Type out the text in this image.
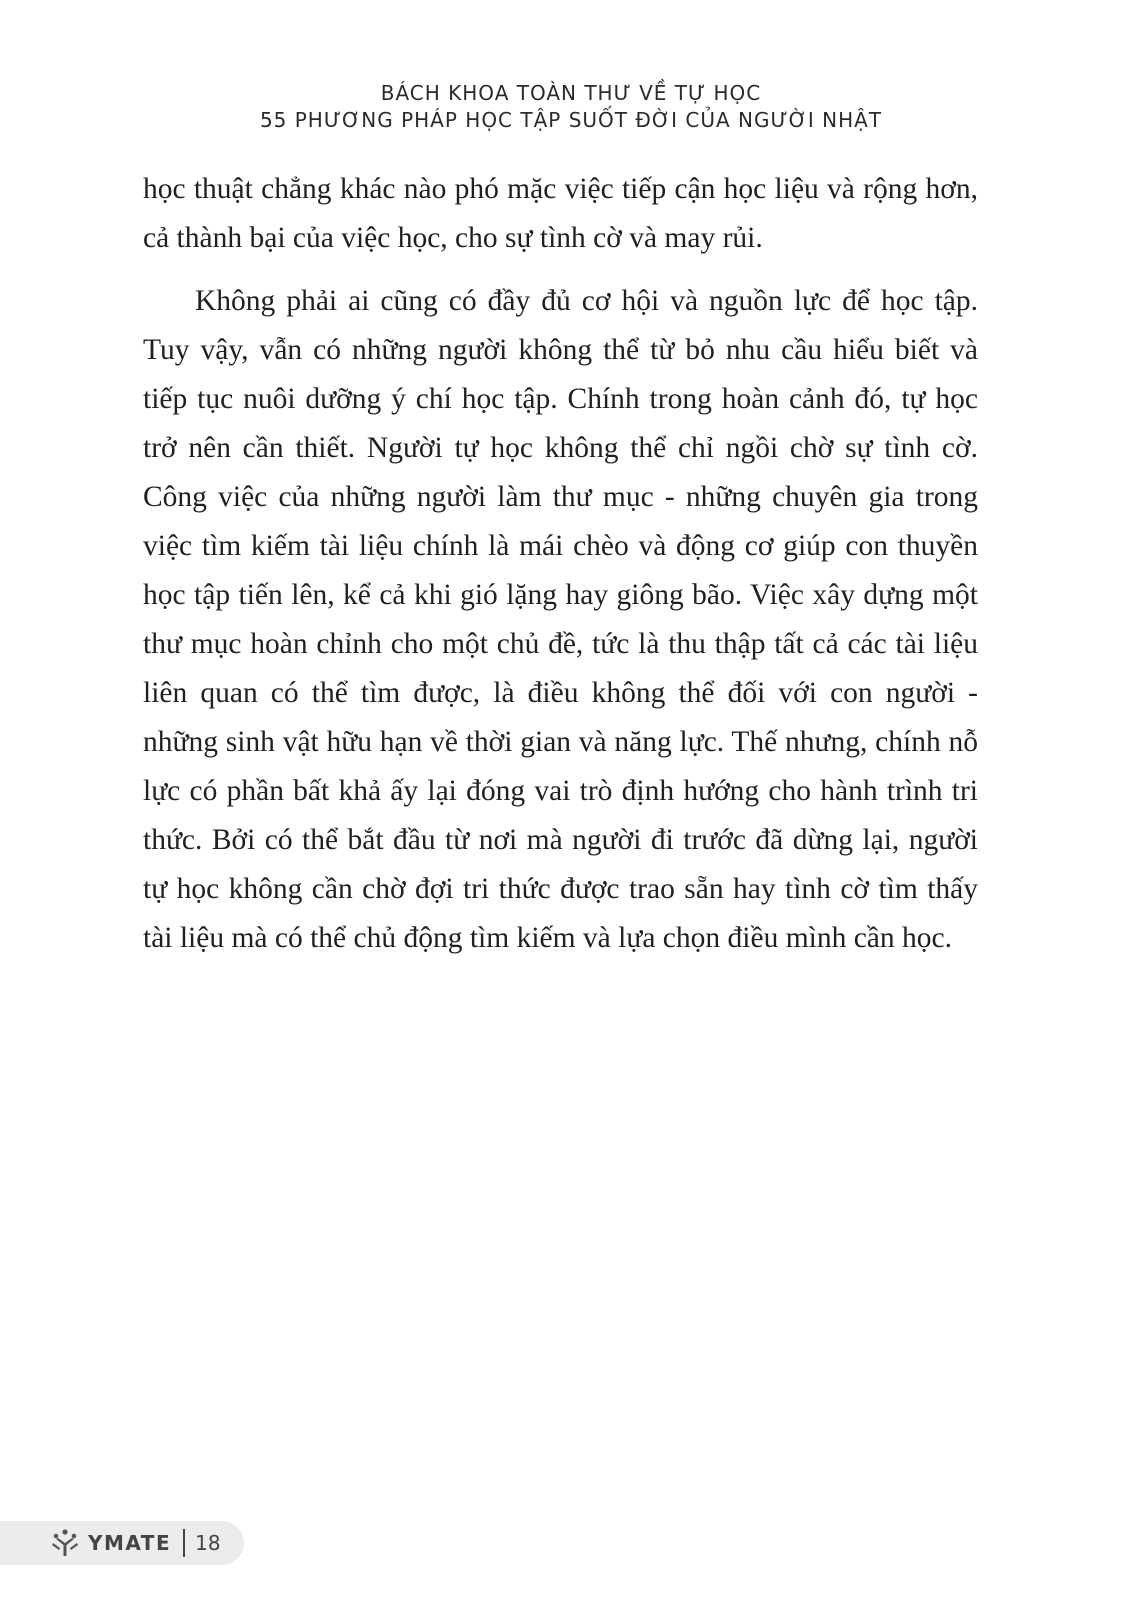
BÁCH KHOA TOÀN THƯ VỀ TỰ HỌC
55 PHƯƠNG PHÁP HỌC TẬP SUỐT ĐỜI CỦA NGƯỜI NHẬT

học thuật chẳng khác nào phó mặc việc tiếp cận học liệu và rộng hơn, cả thành bại của việc học, cho sự tình cờ và may rủi.

Không phải ai cũng có đầy đủ cơ hội và nguồn lực để học tập. Tuy vậy, vẫn có những người không thể từ bỏ nhu cầu hiểu biết và tiếp tục nuôi dưỡng ý chí học tập. Chính trong hoàn cảnh đó, tự học trở nên cần thiết. Người tự học không thể chỉ ngồi chờ sự tình cờ. Công việc của những người làm thư mục - những chuyên gia trong việc tìm kiếm tài liệu chính là mái chèo và động cơ giúp con thuyền học tập tiến lên, kể cả khi gió lặng hay giông bão. Việc xây dựng một thư mục hoàn chỉnh cho một chủ đề, tức là thu thập tất cả các tài liệu liên quan có thể tìm được, là điều không thể đối với con người - những sinh vật hữu hạn về thời gian và năng lực. Thế nhưng, chính nỗ lực có phần bất khả ấy lại đóng vai trò định hướng cho hành trình tri thức. Bởi có thể bắt đầu từ nơi mà người đi trước đã dừng lại, người tự học không cần chờ đợi tri thức được trao sẵn hay tình cờ tìm thấy tài liệu mà có thể chủ động tìm kiếm và lựa chọn điều mình cần học.

YMATE 18
